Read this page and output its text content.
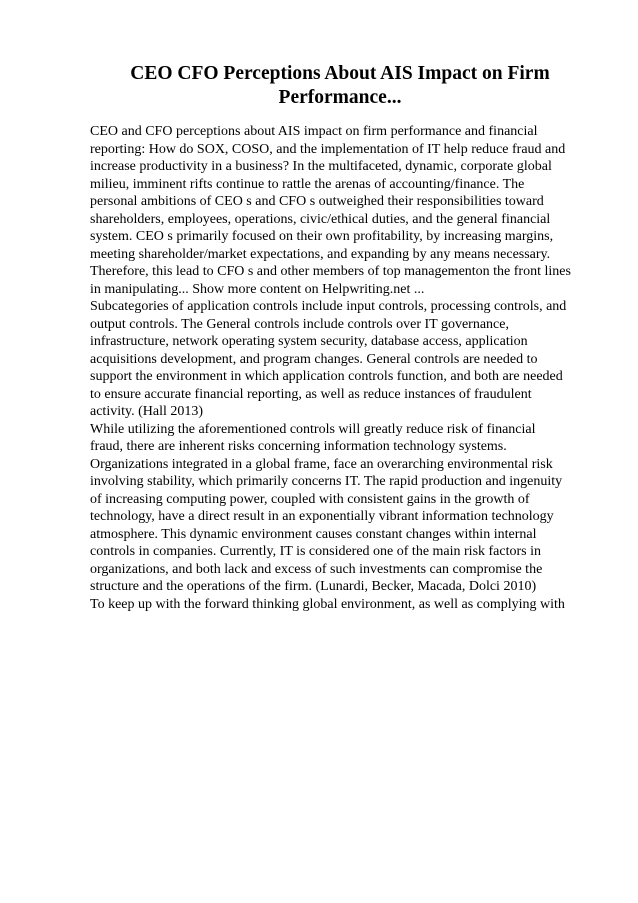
CEO CFO Perceptions About AIS Impact on Firm
Performance...
CEO and CFO perceptions about AIS impact on firm performance and financial
reporting: How do SOX, COSO, and the implementation of IT help reduce fraud and
increase productivity in a business? In the multifaceted, dynamic, corporate global
milieu, imminent rifts continue to rattle the arenas of accounting/finance. The
personal ambitions of CEO s and CFO s outweighed their responsibilities toward
shareholders, employees, operations, civic/ethical duties, and the general financial
system. CEO s primarily focused on their own profitability, by increasing margins,
meeting shareholder/market expectations, and expanding by any means necessary.
Therefore, this lead to CFO s and other members of top managementon the front lines
in manipulating... Show more content on Helpwriting.net ...
Subcategories of application controls include input controls, processing controls, and
output controls. The General controls include controls over IT governance,
infrastructure, network operating system security, database access, application
acquisitions development, and program changes. General controls are needed to
support the environment in which application controls function, and both are needed
to ensure accurate financial reporting, as well as reduce instances of fraudulent
activity. (Hall 2013)
While utilizing the aforementioned controls will greatly reduce risk of financial
fraud, there are inherent risks concerning information technology systems.
Organizations integrated in a global frame, face an overarching environmental risk
involving stability, which primarily concerns IT. The rapid production and ingenuity
of increasing computing power, coupled with consistent gains in the growth of
technology, have a direct result in an exponentially vibrant information technology
atmosphere. This dynamic environment causes constant changes within internal
controls in companies. Currently, IT is considered one of the main risk factors in
organizations, and both lack and excess of such investments can compromise the
structure and the operations of the firm. (Lunardi, Becker, Macada, Dolci 2010)
To keep up with the forward thinking global environment, as well as complying with
